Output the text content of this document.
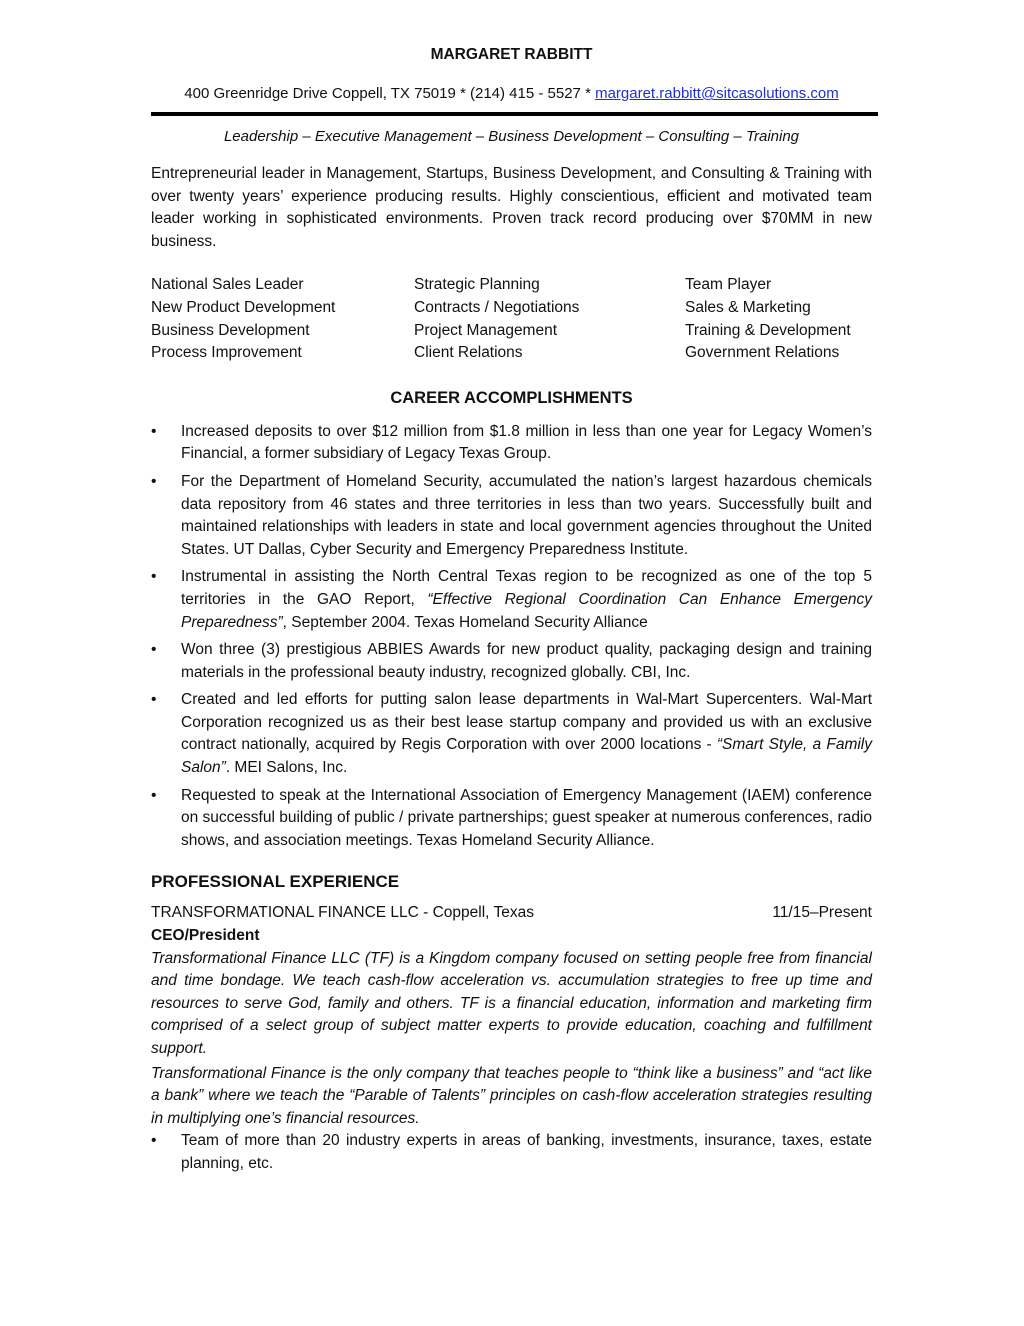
MARGARET RABBITT

400 Greenridge Drive Coppell, TX 75019 * (214) 415 - 5527 * margaret.rabbitt@sitcasolutions.com
Leadership – Executive Management – Business Development – Consulting – Training
Entrepreneurial leader in Management, Startups, Business Development, and Consulting & Training with over twenty years’ experience producing results. Highly conscientious, efficient and motivated team leader working in sophisticated environments. Proven track record producing over $70MM in new business.
National Sales Leader
New Product Development
Business Development
Process Improvement
Strategic Planning
Contracts / Negotiations
Project Management
Client Relations
Team Player
Sales & Marketing
Training & Development
Government Relations
CAREER ACCOMPLISHMENTS
• Increased deposits to over $12 million from $1.8 million in less than one year for Legacy Women’s Financial, a former subsidiary of Legacy Texas Group.
• For the Department of Homeland Security, accumulated the nation’s largest hazardous chemicals data repository from 46 states and three territories in less than two years. Successfully built and maintained relationships with leaders in state and local government agencies throughout the United States. UT Dallas, Cyber Security and Emergency Preparedness Institute.
• Instrumental in assisting the North Central Texas region to be recognized as one of the top 5 territories in the GAO Report, “Effective Regional Coordination Can Enhance Emergency Preparedness”, September 2004. Texas Homeland Security Alliance
• Won three (3) prestigious ABBIES Awards for new product quality, packaging design and training materials in the professional beauty industry, recognized globally. CBI, Inc.
• Created and led efforts for putting salon lease departments in Wal-Mart Supercenters. Wal-Mart Corporation recognized us as their best lease startup company and provided us with an exclusive contract nationally, acquired by Regis Corporation with over 2000 locations - “Smart Style, a Family Salon”. MEI Salons, Inc.
• Requested to speak at the International Association of Emergency Management (IAEM) conference on successful building of public / private partnerships; guest speaker at numerous conferences, radio shows, and association meetings. Texas Homeland Security Alliance.
PROFESSIONAL EXPERIENCE
TRANSFORMATIONAL FINANCE LLC - Coppell, Texas	11/15–Present
CEO/President
Transformational Finance LLC (TF) is a Kingdom company focused on setting people free from financial and time bondage. We teach cash-flow acceleration vs. accumulation strategies to free up time and resources to serve God, family and others. TF is a financial education, information and marketing firm comprised of a select group of subject matter experts to provide education, coaching and fulfillment support.
Transformational Finance is the only company that teaches people to “think like a business” and “act like a bank” where we teach the “Parable of Talents” principles on cash-flow acceleration strategies resulting in multiplying one’s financial resources.
• Team of more than 20 industry experts in areas of banking, investments, insurance, taxes, estate planning, etc.
